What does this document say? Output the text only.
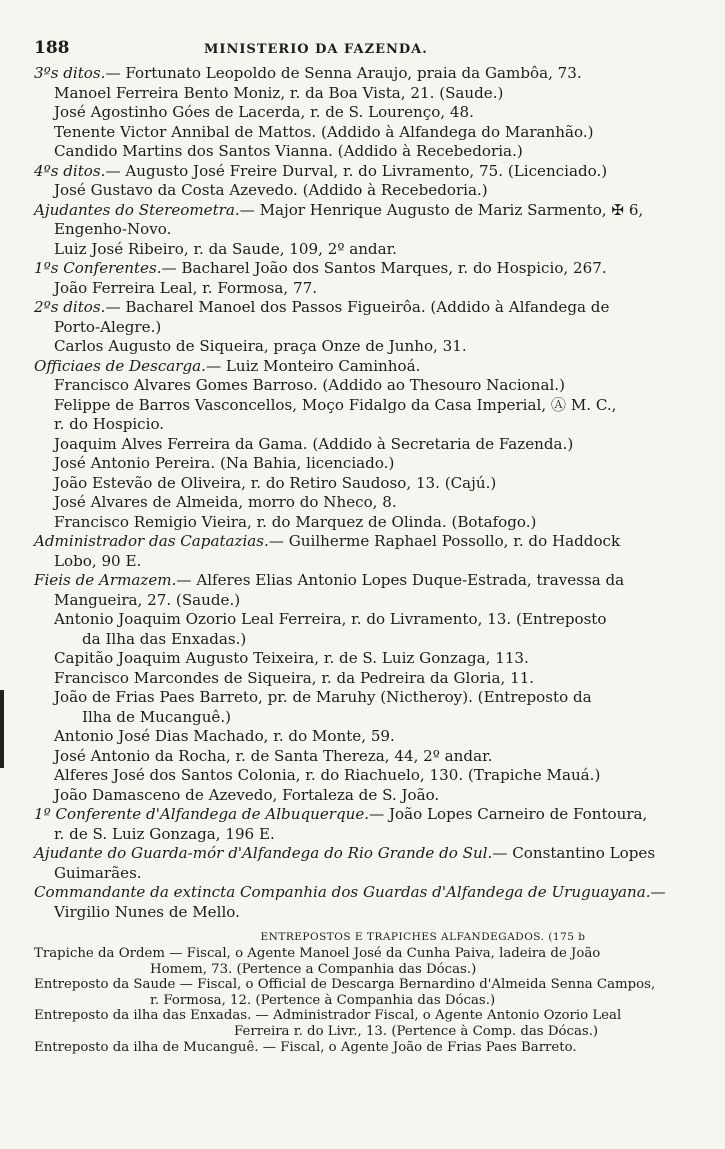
188	MINISTERIO DA FAZENDA.
3ºs ditos.— Fortunato Leopoldo de Senna Araujo, praia da Gambôa, 73.
Manoel Ferreira Bento Moniz, r. da Boa Vista, 21. (Saude.)
José Agostinho Góes de Lacerda, r. de S. Lourenço, 48.
Tenente Victor Annibal de Mattos. (Addido à Alfandega do Maranhão.)
Candido Martins dos Santos Vianna. (Addido à Recebedoria.)
4ºs ditos.— Augusto José Freire Durval, r. do Livramento, 75. (Licenciado.)
José Gustavo da Costa Azevedo. (Addido à Recebedoria.)
Ajudantes do Stereometra.— Major Henrique Augusto de Mariz Sarmento, ✠ 6,
Engenho-Novo.
Luiz José Ribeiro, r. da Saude, 109, 2º andar.
1ºs Conferentes.— Bacharel João dos Santos Marques, r. do Hospicio, 267.
João Ferreira Leal, r. Formosa, 77.
2ºs ditos.— Bacharel Manoel dos Passos Figueirôa. (Addido à Alfandega de
Porto-Alegre.)
Carlos Augusto de Siqueira, praça Onze de Junho, 31.
Officiaes de Descarga.— Luiz Monteiro Caminhoá.
Francisco Alvares Gomes Barroso. (Addido ao Thesouro Nacional.)
Felippe de Barros Vasconcellos, Moço Fidalgo da Casa Imperial, Ⓐ M. C.,
r. do Hospicio.
Joaquim Alves Ferreira da Gama. (Addido à Secretaria de Fazenda.)
José Antonio Pereira. (Na Bahia, licenciado.)
João Estevão de Oliveira, r. do Retiro Saudoso, 13. (Cajú.)
José Alvares de Almeida, morro do Nheco, 8.
Francisco Remigio Vieira, r. do Marquez de Olinda. (Botafogo.)
Administrador das Capatazias.— Guilherme Raphael Possollo, r. do Haddock
Lobo, 90 E.
Fieis de Armazem.— Alferes Elias Antonio Lopes Duque-Estrada, travessa da
Mangueira, 27. (Saude.)
Antonio Joaquim Ozorio Leal Ferreira, r. do Livramento, 13. (Entreposto
da Ilha das Enxadas.)
Capitão Joaquim Augusto Teixeira, r. de S. Luiz Gonzaga, 113.
Francisco Marcondes de Siqueira, r. da Pedreira da Gloria, 11.
João de Frias Paes Barreto, pr. de Maruhy (Nictheroy). (Entreposto da
Ilha de Mucanguê.)
Antonio José Dias Machado, r. do Monte, 59.
José Antonio da Rocha, r. de Santa Thereza, 44, 2º andar.
Alferes José dos Santos Colonia, r. do Riachuelo, 130. (Trapiche Mauá.)
João Damasceno de Azevedo, Fortaleza de S. João.
1º Conferente d'Alfandega de Albuquerque.— João Lopes Carneiro de Fontoura,
r. de S. Luiz Gonzaga, 196 E.
Ajudante do Guarda-mór d'Alfandega do Rio Grande do Sul.— Constantino Lopes
Guimarães.
Commandante da extincta Companhia dos Guardas d'Alfandega de Uruguayana.—
Virgilio Nunes de Mello.
ENTREPOSTOS E TRAPICHES ALFANDEGADOS. (175 b
Trapiche da Ordem — Fiscal, o Agente Manoel José da Cunha Paiva, ladeira de João
Homem, 73. (Pertence a Companhia das Dócas.)
Entreposto da Saude — Fiscal, o Official de Descarga Bernardino d'Almeida Senna Campos,
r. Formosa, 12. (Pertence à Companhia das Dócas.)
Entreposto da ilha das Enxadas. — Administrador Fiscal, o Agente Antonio Ozorio Leal
Ferreira r. do Livr., 13. (Pertence à Comp. das Dócas.)
Entreposto da ilha de Mucanguê. — Fiscal, o Agente João de Frias Paes Barreto.
